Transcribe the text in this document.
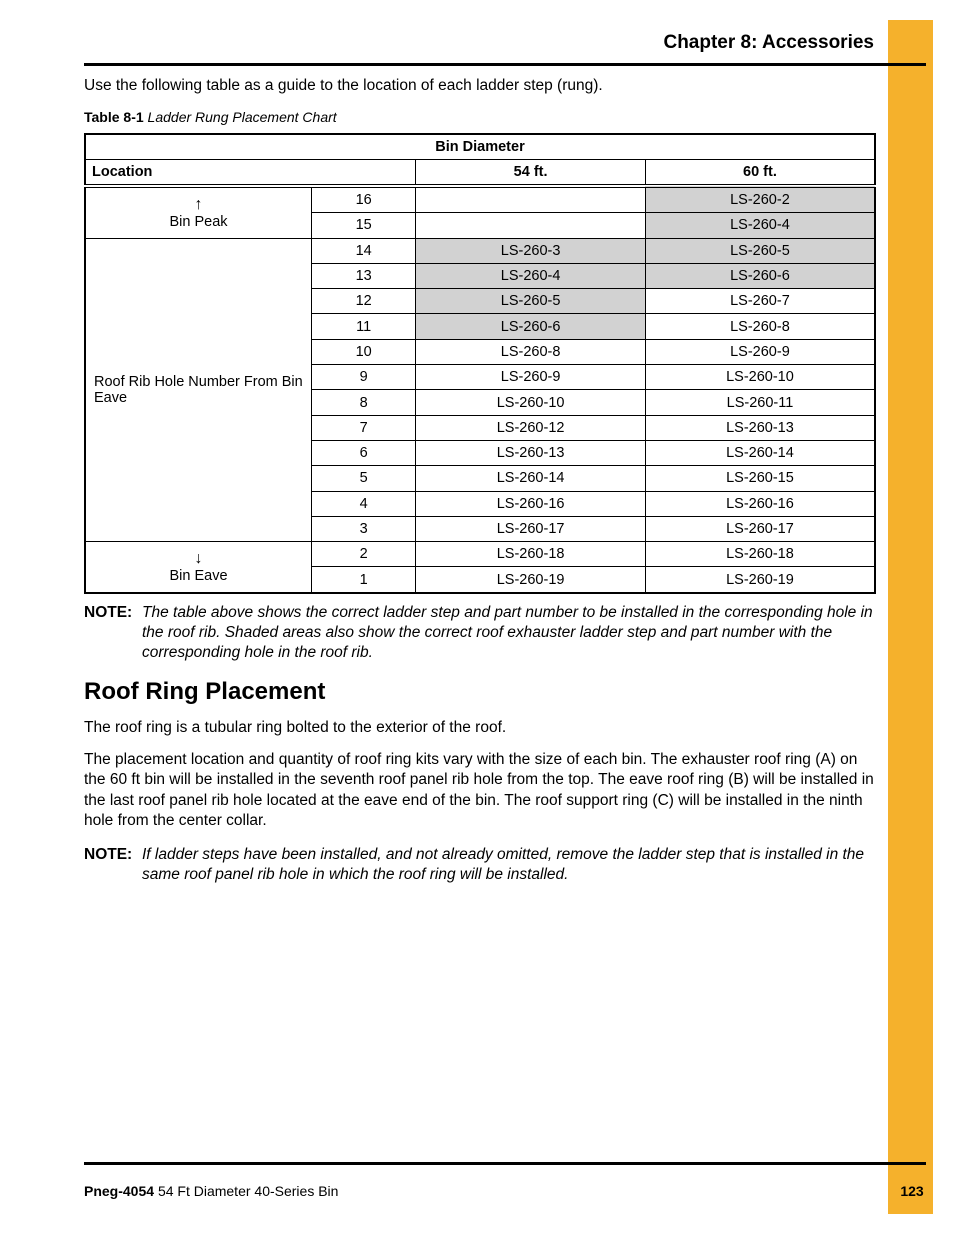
Chapter 8: Accessories
Use the following table as a guide to the location of each ladder step (rung).
Table 8-1 Ladder Rung Placement Chart
Bin Diameter			
Location		54 ft.	60 ft.

↑
Bin Peak	16		LS-260-2
	15		LS-260-4
Roof Rib Hole Number From Bin Eave	14	LS-260-3	LS-260-5
	13	LS-260-4	LS-260-6
	12	LS-260-5	LS-260-7
	11	LS-260-6	LS-260-8
	10	LS-260-8	LS-260-9
	9	LS-260-9	LS-260-10
	8	LS-260-10	LS-260-11
	7	LS-260-12	LS-260-13
	6	LS-260-13	LS-260-14
	5	LS-260-14	LS-260-15
	4	LS-260-16	LS-260-16
	3	LS-260-17	LS-260-17

↓
Bin Eave	2	LS-260-18	LS-260-18
	1	LS-260-19	LS-260-19
NOTE: The table above shows the correct ladder step and part number to be installed in the corresponding hole in the roof rib. Shaded areas also show the correct roof exhauster ladder step and part number with the corresponding hole in the roof rib.
Roof Ring Placement

The roof ring is a tubular ring bolted to the exterior of the roof.

The placement location and quantity of roof ring kits vary with the size of each bin. The exhauster roof ring (A) on the 60 ft bin will be installed in the seventh roof panel rib hole from the top. The eave roof ring (B) will be installed in the last roof panel rib hole located at the eave end of the bin. The roof support ring (C) will be installed in the ninth hole from the center collar.

NOTE: If ladder steps have been installed, and not already omitted, remove the ladder step that is installed in the same roof panel rib hole in which the roof ring will be installed.
Pneg-4054 54 Ft Diameter 40-Series Bin	123
